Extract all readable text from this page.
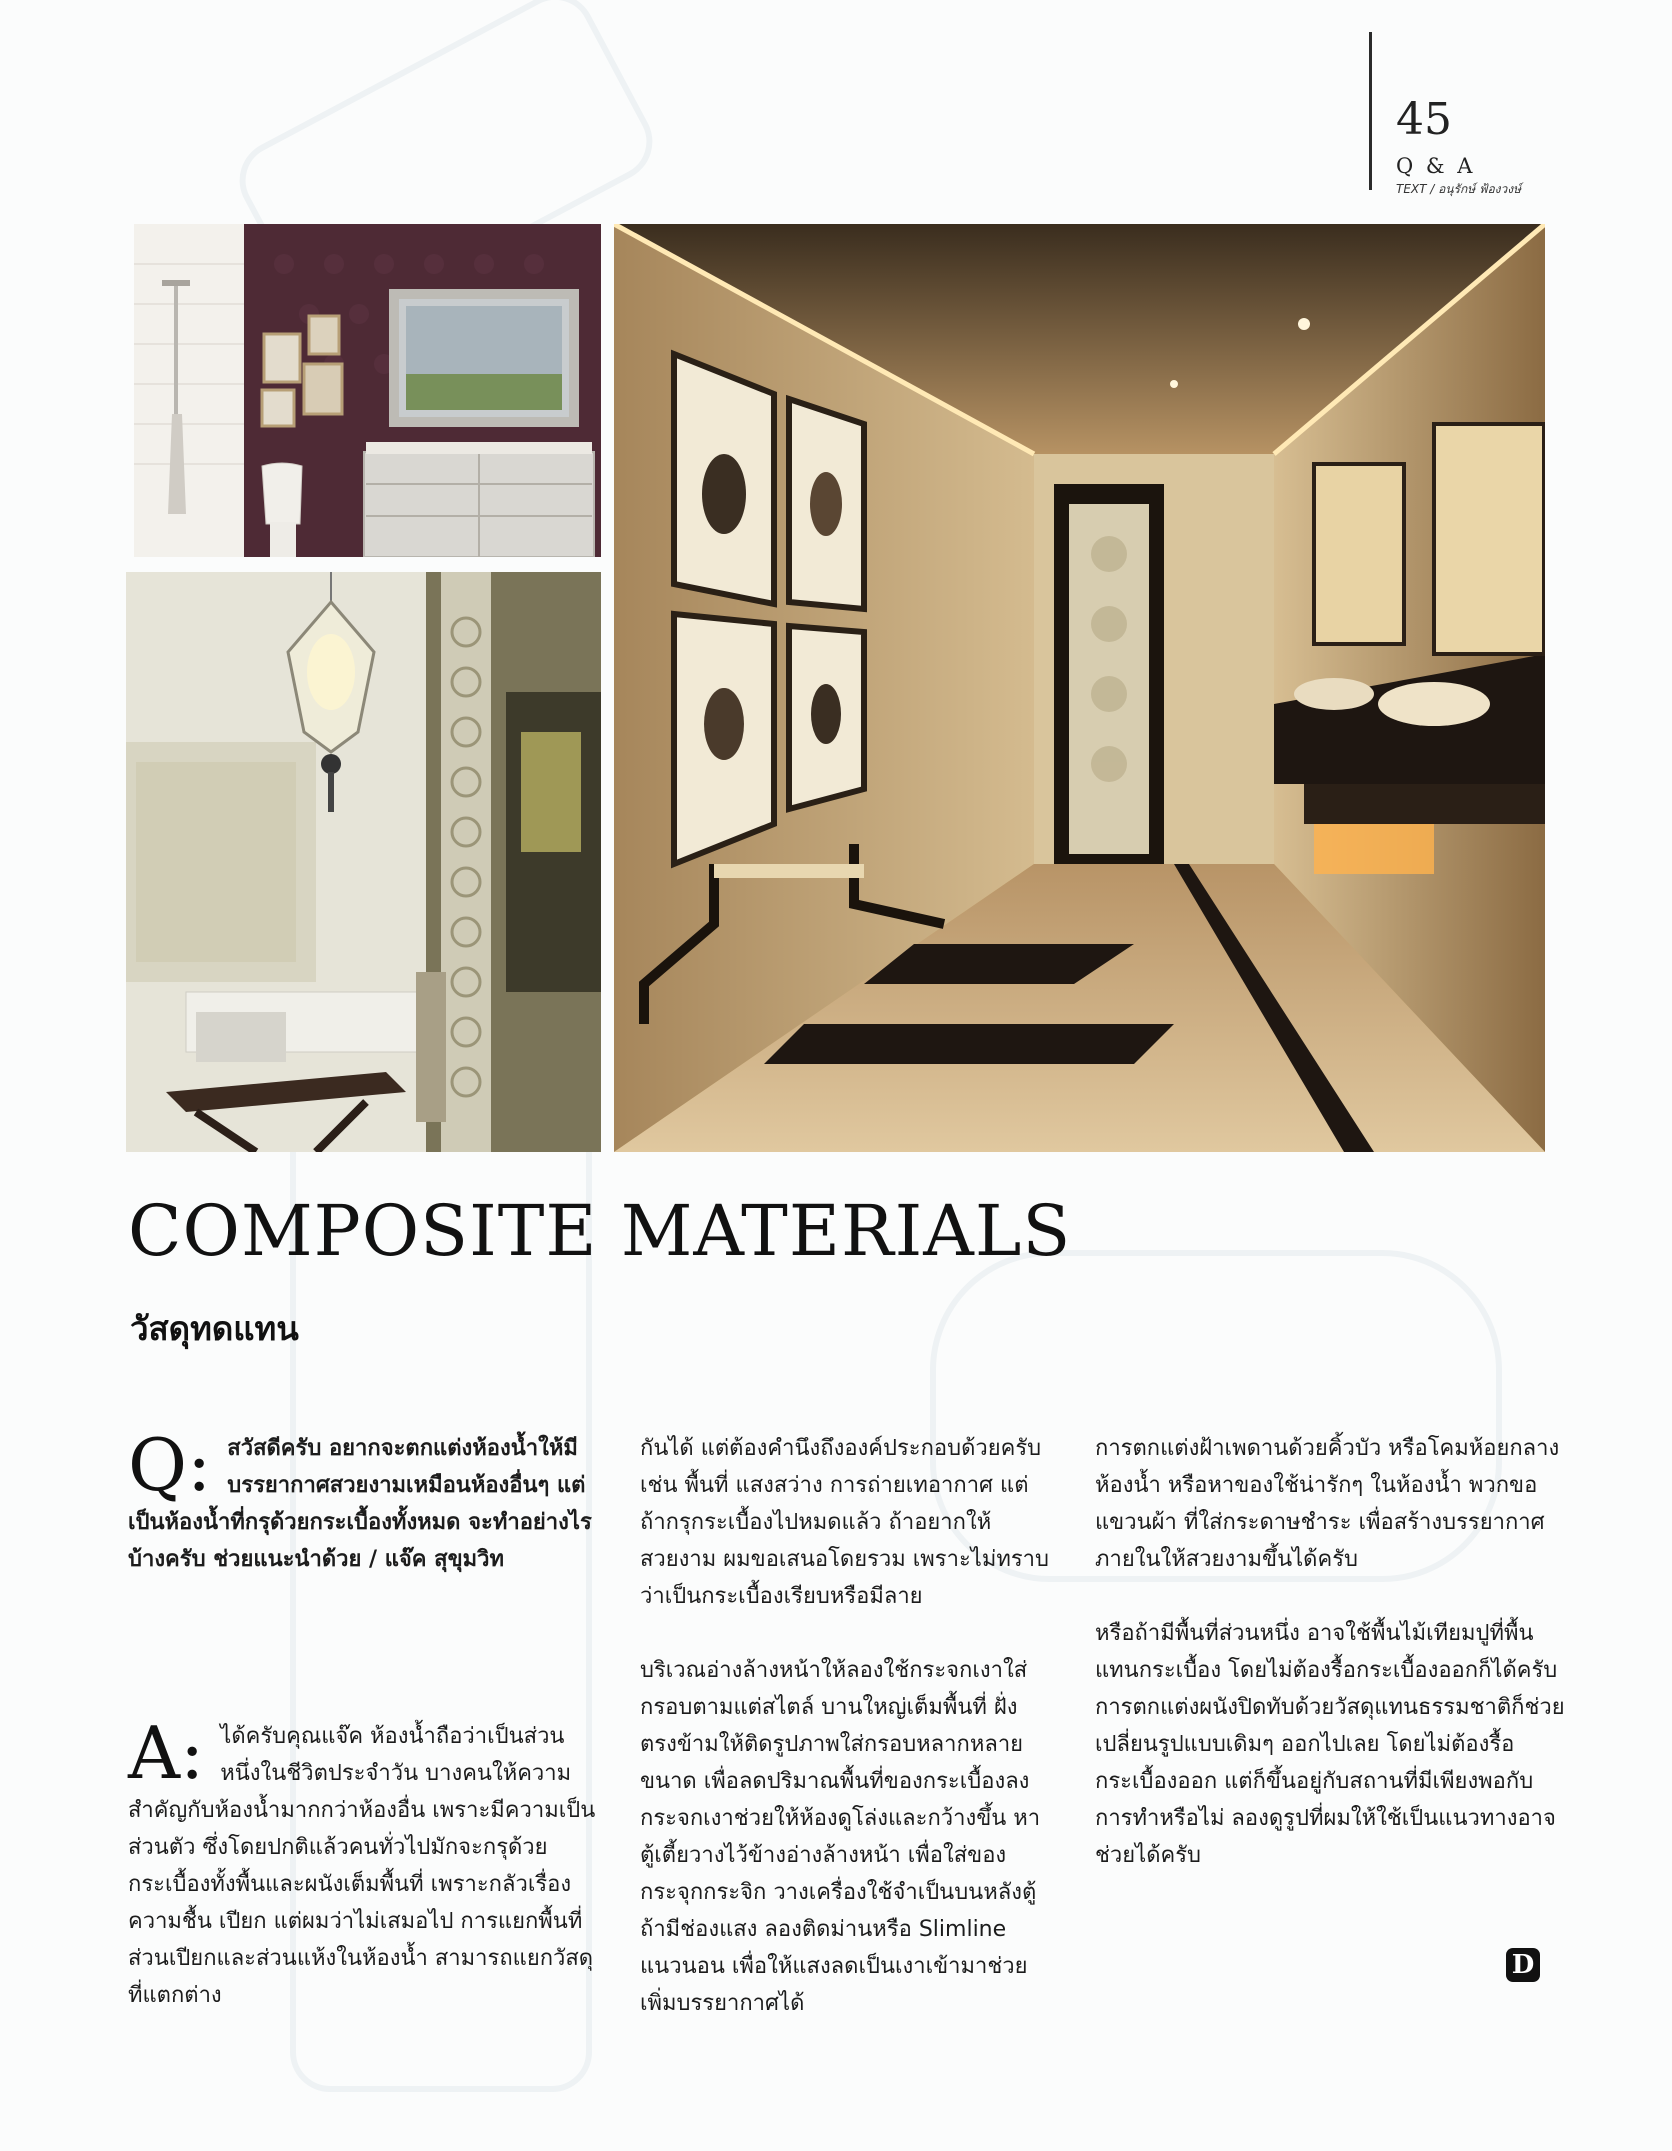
45
Q & A
TEXT / อนุรักษ์ ฟ้องวงษ์
COMPOSITE MATERIALS
วัสดุทดแทน
Q: สวัสดีครับ อยากจะตกแต่งห้องน้ำให้มีบรรยากาศสวยงามเหมือนห้องอื่นๆ แต่เป็นห้องน้ำที่กรุด้วยกระเบื้องทั้งหมด จะทำอย่างไรบ้างครับ ช่วยแนะนำด้วย / แจ๊ค สุขุมวิท
A: ได้ครับคุณแจ๊ค ห้องน้ำถือว่าเป็นส่วนหนึ่งในชีวิตประจำวัน บางคนให้ความสำคัญกับห้องน้ำมากกว่าห้องอื่น เพราะมีความเป็นส่วนตัว ซึ่งโดยปกติแล้วคนทั่วไปมักจะกรุด้วยกระเบื้องทั้งพื้นและผนังเต็มพื้นที่ เพราะกลัวเรื่องความชื้น เปียก แต่ผมว่าไม่เสมอไป การแยกพื้นที่ส่วนเปียกและส่วนแห้งในห้องน้ำ สามารถแยกวัสดุที่แตกต่าง

กันได้ แต่ต้องคำนึงถึงองค์ประกอบด้วยครับ เช่น พื้นที่ แสงสว่าง การถ่ายเทอากาศ แต่ถ้ากรุกระเบื้องไปหมดแล้ว ถ้าอยากให้สวยงาม ผมขอเสนอโดยรวม เพราะไม่ทราบว่าเป็นกระเบื้องเรียบหรือมีลาย

บริเวณอ่างล้างหน้าให้ลองใช้กระจกเงาใส่กรอบตามแต่สไตล์ บานใหญ่เต็มพื้นที่ ฝั่งตรงข้ามให้ติดรูปภาพใส่กรอบหลากหลายขนาด เพื่อลดปริมาณพื้นที่ของกระเบื้องลง กระจกเงาช่วยให้ห้องดูโล่งและกว้างขึ้น หาตู้เตี้ยวางไว้ข้างอ่างล้างหน้า เพื่อใส่ของกระจุกกระจิก วางเครื่องใช้จำเป็นบนหลังตู้ ถ้ามีช่องแสง ลองติดม่านหรือ Slimline แนวนอน เพื่อให้แสงลดเป็นเงาเข้ามาช่วยเพิ่มบรรยากาศได้

การตกแต่งฝ้าเพดานด้วยคิ้วบัว หรือโคมห้อยกลางห้องน้ำ หรือหาของใช้น่ารักๆ ในห้องน้ำ พวกขอแขวนผ้า ที่ใส่กระดาษชำระ เพื่อสร้างบรรยากาศภายในให้สวยงามขึ้นได้ครับ

หรือถ้ามีพื้นที่ส่วนหนึ่ง อาจใช้พื้นไม้เทียมปูที่พื้นแทนกระเบื้อง โดยไม่ต้องรื้อกระเบื้องออกก็ได้ครับ การตกแต่งผนังปิดทับด้วยวัสดุแทนธรรมชาติก็ช่วยเปลี่ยนรูปแบบเดิมๆ ออกไปเลย โดยไม่ต้องรื้อกระเบื้องออก แต่ก็ขึ้นอยู่กับสถานที่มีเพียงพอกับการทำหรือไม่ ลองดูรูปที่ผมให้ใช้เป็นแนวทางอาจช่วยได้ครับ

D
